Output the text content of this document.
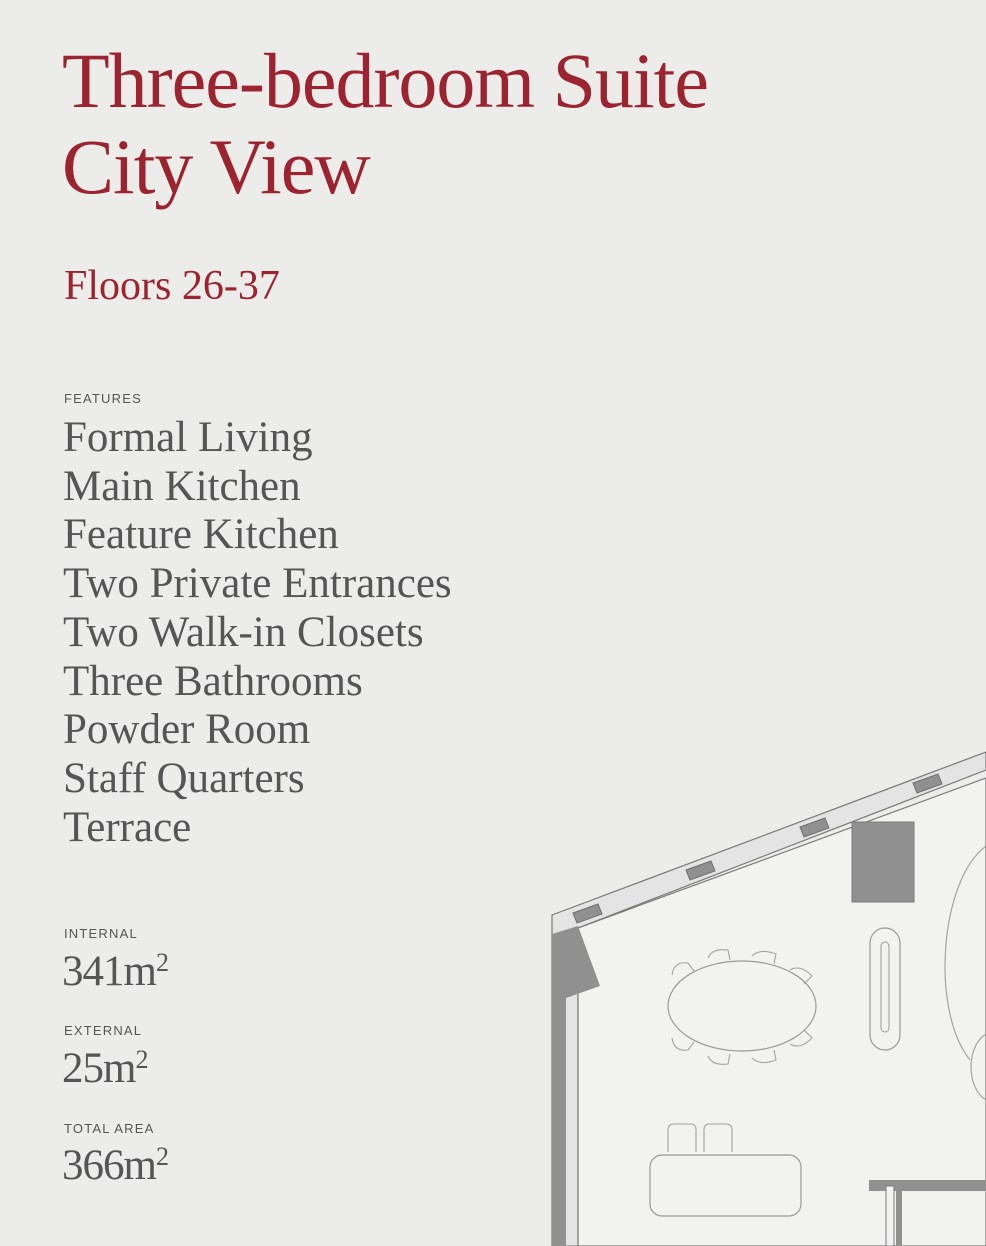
Three-bedroom Suite
City View
Floors 26-37
FEATURES
Formal Living
Main Kitchen
Feature Kitchen
Two Private Entrances
Two Walk-in Closets
Three Bathrooms
Powder Room
Staff Quarters
Terrace
INTERNAL
$341m^2$
EXTERNAL
$25m^2$
TOTAL AREA
$366m^2$
